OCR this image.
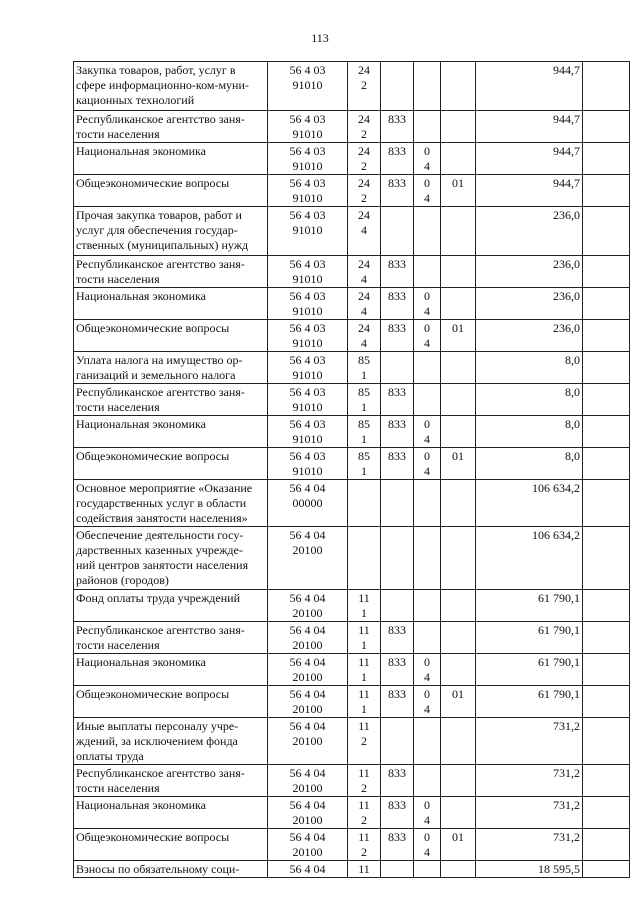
113
Закупка товаров, работ, услуг в
сфере информационно-ком-муни-
кационных технологий	56 4 03
91010	24
2				944,7	

Республиканское агентство заня-
тости населения	56 4 03
91010	24
2	833			944,7	

Национальная экономика	56 4 03
91010	24
2	833	0
4		944,7	

Общеэкономические вопросы	56 4 03
91010	24
2	833	0
4	01	944,7	

Прочая закупка товаров, работ и
услуг для обеспечения государ-
ственных (муниципальных) нужд	56 4 03
91010	24
4				236,0	

Республиканское агентство заня-
тости населения	56 4 03
91010	24
4	833			236,0	

Национальная экономика	56 4 03
91010	24
4	833	0
4		236,0	

Общеэкономические вопросы	56 4 03
91010	24
4	833	0
4	01	236,0	

Уплата налога на имущество ор-
ганизаций и земельного налога	56 4 03
91010	85
1				8,0	

Республиканское агентство заня-
тости населения	56 4 03
91010	85
1	833			8,0	

Национальная экономика	56 4 03
91010	85
1	833	0
4		8,0	

Общеэкономические вопросы	56 4 03
91010	85
1	833	0
4	01	8,0	

Основное мероприятие «Оказание
государственных услуг в области
содействия занятости населения»	56 4 04
00000					106 634,2	

Обеспечение деятельности госу-
дарственных казенных учрежде-
ний центров занятости населения
районов (городов)	56 4 04
20100					106 634,2	

Фонд оплаты труда учреждений	56 4 04
20100	11
1				61 790,1	

Республиканское агентство заня-
тости населения	56 4 04
20100	11
1	833			61 790,1	

Национальная экономика	56 4 04
20100	11
1	833	0
4		61 790,1	

Общеэкономические вопросы	56 4 04
20100	11
1	833	0
4	01	61 790,1	

Иные выплаты персоналу учре-
ждений, за исключением фонда
оплаты труда	56 4 04
20100	11
2				731,2	

Республиканское агентство заня-
тости населения	56 4 04
20100	11
2	833			731,2	

Национальная экономика	56 4 04
20100	11
2	833	0
4		731,2	

Общеэкономические вопросы	56 4 04
20100	11
2	833	0
4	01	731,2	

Взносы по обязательному соци-	56 4 04	11				18 595,5	
